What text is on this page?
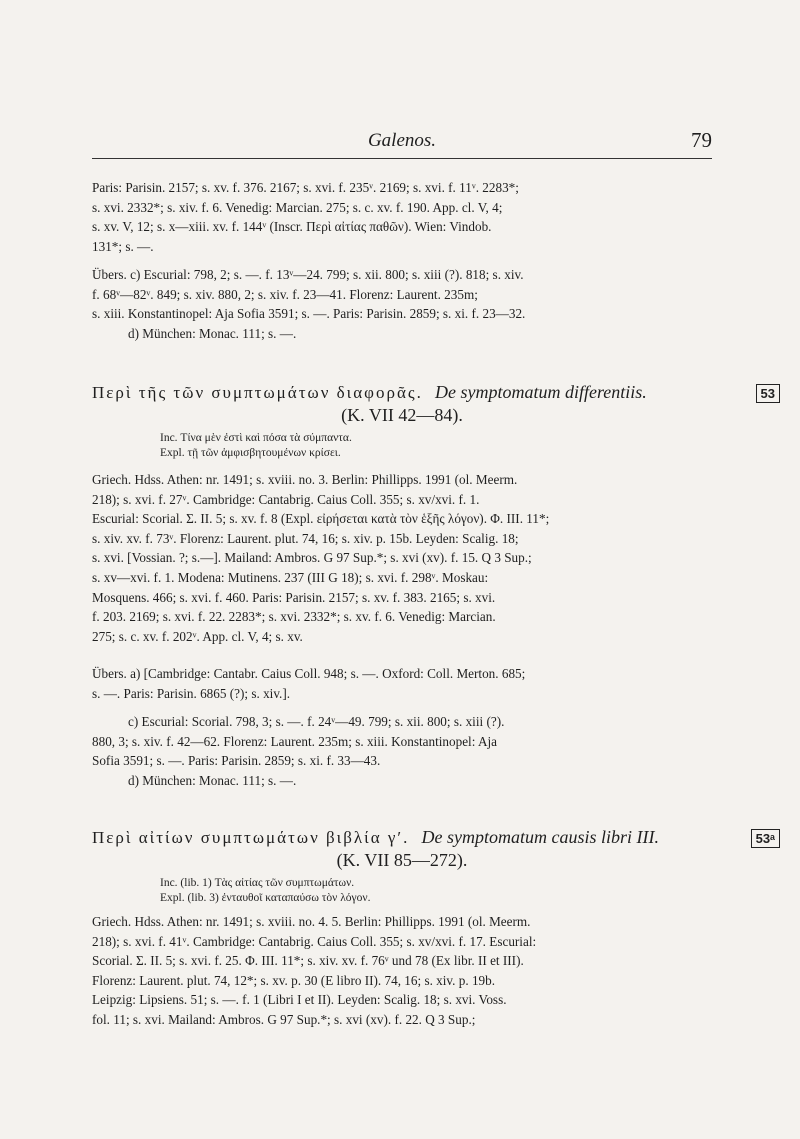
Galenos.	79
Paris: Parisin. 2157; s. xv. f. 376. 2167; s. xvi. f. 235ᵛ. 2169; s. xvi. f. 11ᵛ. 2283*;
s. xvi. 2332*; s. xiv. f. 6. Venedig: Marcian. 275; s. c. xv. f. 190. App. cl. V, 4;
s. xv. V, 12; s. x—xiii. xv. f. 144ᵛ (Inscr. Περὶ αἰτίας παθῶν). Wien: Vindob.
131*; s. —.
Übers. c) Escurial: 798, 2; s. —. f. 13ᵛ—24. 799; s. xii. 800; s. xiii (?). 818; s. xiv.
f. 68ᵛ—82ᵛ. 849; s. xiv. 880, 2; s. xiv. f. 23—41. Florenz: Laurent. 235m;
s. xiii. Konstantinopel: Aja Sofia 3591; s. —. Paris: Parisin. 2859; s. xi. f. 23—32.
d) München: Monac. 111; s. —.
Περὶ τῆς τῶν συμπτωμάτων διαφορᾶς. De symptomatum differentiis.	53
(K. VII 42—84).
Inc. Τίνα μὲν ἐστὶ καὶ πόσα τὰ σύμπαντα.
Expl. τῇ τῶν ἀμφισβητουμένων κρίσει.
Griech. Hdss. Athen: nr. 1491; s. xviii. no. 3. Berlin: Phillipps. 1991 (ol. Meerm.
218); s. xvi. f. 27ᵛ. Cambridge: Cantabrig. Caius Coll. 355; s. xv/xvi. f. 1.
Escurial: Scorial. Σ. II. 5; s. xv. f. 8 (Expl. εἰρήσεται κατὰ τὸν ἑξῆς λόγον). Φ. III. 11*;
s. xiv. xv. f. 73ᵛ. Florenz: Laurent. plut. 74, 16; s. xiv. p. 15b. Leyden: Scalig. 18;
s. xvi. [Vossian. ?; s.—]. Mailand: Ambros. G 97 Sup.*; s. xvi (xv). f. 15. Q 3 Sup.;
s. xv—xvi. f. 1. Modena: Mutinens. 237 (III G 18); s. xvi. f. 298ᵛ. Moskau:
Mosquens. 466; s. xvi. f. 460. Paris: Parisin. 2157; s. xv. f. 383. 2165; s. xvi.
f. 203. 2169; s. xvi. f. 22. 2283*; s. xvi. 2332*; s. xv. f. 6. Venedig: Marcian.
275; s. c. xv. f. 202ᵛ. App. cl. V, 4; s. xv.
Übers. a) [Cambridge: Cantabr. Caius Coll. 948; s. —. Oxford: Coll. Merton. 685;
s. —. Paris: Parisin. 6865 (?); s. xiv.].
c) Escurial: Scorial. 798, 3; s. —. f. 24ᵛ—49. 799; s. xii. 800; s. xiii (?).
880, 3; s. xiv. f. 42—62. Florenz: Laurent. 235m; s. xiii. Konstantinopel: Aja
Sofia 3591; s. —. Paris: Parisin. 2859; s. xi. f. 33—43.
d) München: Monac. 111; s. —.
Περὶ αἰτίων συμπτωμάτων βιβλία γ′. De symptomatum causis libri III.	53ᵃ
(K. VII 85—272).
Inc. (lib. 1) Τὰς αἰτίας τῶν συμπτωμάτων.
Expl. (lib. 3) ἐνταυθοῖ καταπαύσω τὸν λόγον.
Griech. Hdss. Athen: nr. 1491; s. xviii. no. 4. 5. Berlin: Phillipps. 1991 (ol. Meerm.
218); s. xvi. f. 41ᵛ. Cambridge: Cantabrig. Caius Coll. 355; s. xv/xvi. f. 17. Escurial:
Scorial. Σ. II. 5; s. xvi. f. 25. Φ. III. 11*; s. xiv. xv. f. 76ᵛ und 78 (Ex libr. II et III).
Florenz: Laurent. plut. 74, 12*; s. xv. p. 30 (E libro II). 74, 16; s. xiv. p. 19b.
Leipzig: Lipsiens. 51; s. —. f. 1 (Libri I et II). Leyden: Scalig. 18; s. xvi. Voss.
fol. 11; s. xvi. Mailand: Ambros. G 97 Sup.*; s. xvi (xv). f. 22. Q 3 Sup.;
